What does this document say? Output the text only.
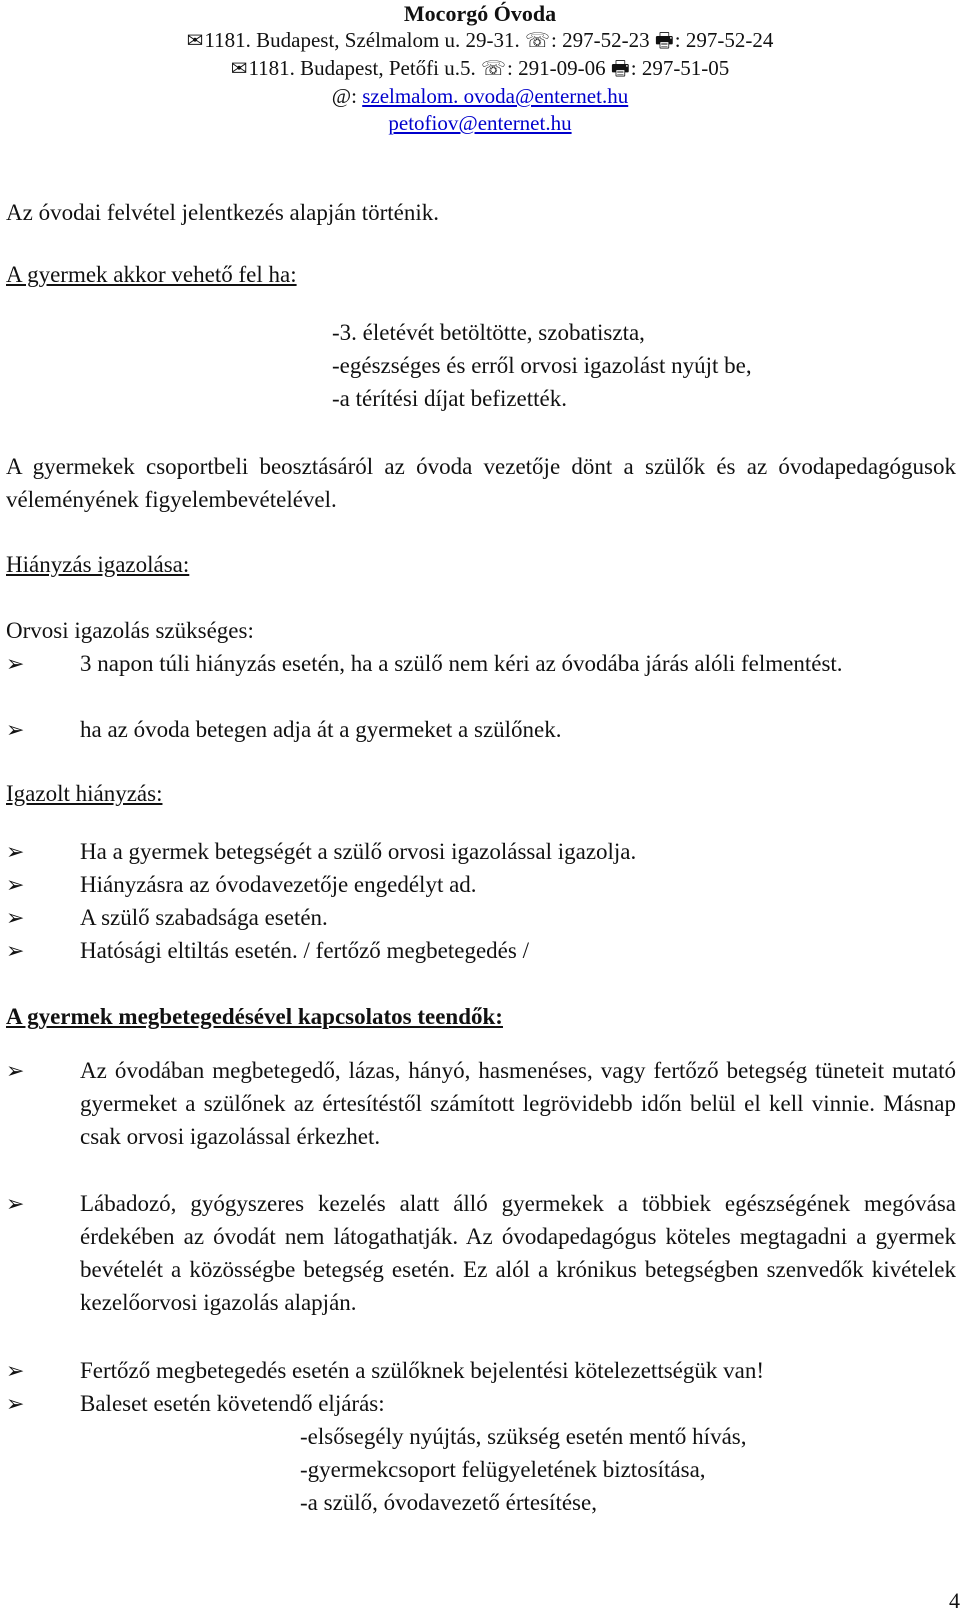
Mocorgó Óvoda
✉1181. Budapest, Szélmalom u. 29-31. ☏: 297-52-23 🖶: 297-52-24
✉1181. Budapest, Petőfi u.5. ☏: 291-09-06 🖶: 297-51-05
@: szelmalom. ovoda@enternet.hu
petofiov@enternet.hu
Az óvodai felvétel jelentkezés alapján történik.
A gyermek akkor vehető fel ha:
-3. életévét betöltötte, szobatiszta,
-egészséges és erről orvosi igazolást nyújt be,
-a térítési díjat befizették.
A gyermekek csoportbeli beosztásáról az óvoda vezetője dönt a szülők és az óvodapedagógusok véleményének figyelembevételével.
Hiányzás igazolása:
Orvosi igazolás szükséges:
➢ 3 napon túli hiányzás esetén, ha a szülő nem kéri az óvodába járás alóli felmentést.
➢ ha az óvoda betegen adja át a gyermeket a szülőnek.
Igazolt hiányzás:
➢ Ha a gyermek betegségét a szülő orvosi igazolással igazolja.
➢ Hiányzásra az óvodavezetője engedélyt ad.
➢ A szülő szabadsága esetén.
➢ Hatósági eltiltás esetén. / fertőző megbetegedés /
A gyermek megbetegedésével kapcsolatos teendők:
➢ Az óvodában megbetegedő, lázas, hányó, hasmenéses, vagy fertőző betegség tüneteit mutató gyermeket a szülőnek az értesítéstől számított legrövidebb időn belül el kell vinnie. Másnap csak orvosi igazolással érkezhet.
➢ Lábadozó, gyógyszeres kezelés alatt álló gyermekek a többiek egészségének megóvása érdekében az óvodát nem látogathatják. Az óvodapedagógus köteles megtagadni a gyermek bevételét a közösségbe betegség esetén. Ez alól a krónikus betegségben szenvedők kivételek kezelőorvosi igazolás alapján.
➢ Fertőző megbetegedés esetén a szülőknek bejelentési kötelezettségük van!
➢ Baleset esetén követendő eljárás:
-elsősegély nyújtás, szükség esetén mentő hívás,
-gyermekcsoport felügyeletének biztosítása,
-a szülő, óvodavezető értesítése,
4
